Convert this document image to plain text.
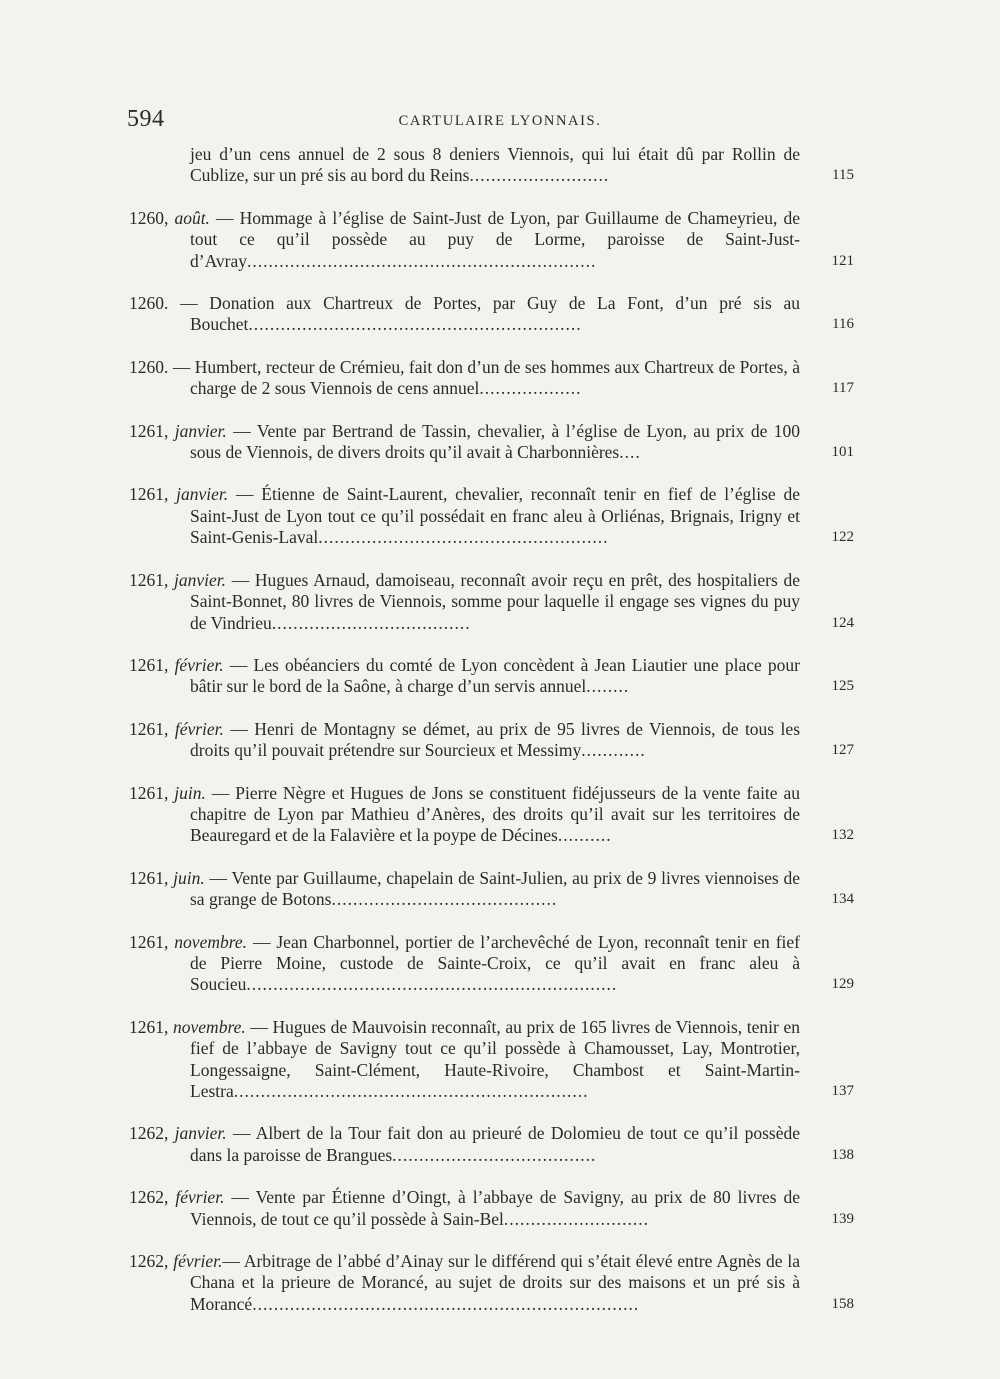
594	CARTULAIRE LYONNAIS.
jeu d’un cens annuel de 2 sous 8 deniers Viennois, qui lui était dû par Rollin de Cublize, sur un pré sis au bord du Reins..........................	115
1260, août. — Hommage à l’église de Saint-Just de Lyon, par Guillaume de Chameyrieu, de tout ce qu’il possède au puy de Lorme, paroisse de Saint-Just-d’Avray.................................................................	121
1260. — Donation aux Chartreux de Portes, par Guy de La Font, d’un pré sis au Bouchet..............................................................	116
1260. — Humbert, recteur de Crémieu, fait don d’un de ses hommes aux Chartreux de Portes, à charge de 2 sous Viennois de cens annuel...................	117
1261, janvier. — Vente par Bertrand de Tassin, chevalier, à l’église de Lyon, au prix de 100 sous de Viennois, de divers droits qu’il avait à Charbonnières....	101
1261, janvier. — Étienne de Saint-Laurent, chevalier, reconnaît tenir en fief de l’église de Saint-Just de Lyon tout ce qu’il possédait en franc aleu à Orliénas, Brignais, Irigny et Saint-Genis-Laval......................................................	122
1261, janvier. — Hugues Arnaud, damoiseau, reconnaît avoir reçu en prêt, des hospitaliers de Saint-Bonnet, 80 livres de Viennois, somme pour laquelle il engage ses vignes du puy de Vindrieu.....................................	124
1261, février. — Les obéanciers du comté de Lyon concèdent à Jean Liautier une place pour bâtir sur le bord de la Saône, à charge d’un servis annuel........	125
1261, février. — Henri de Montagny se démet, au prix de 95 livres de Viennois, de tous les droits qu’il pouvait prétendre sur Sourcieux et Messimy............	127
1261, juin. — Pierre Nègre et Hugues de Jons se constituent fidéjusseurs de la vente faite au chapitre de Lyon par Mathieu d’Anères, des droits qu’il avait sur les territoires de Beauregard et de la Falavière et la poype de Décines..........	132
1261, juin. — Vente par Guillaume, chapelain de Saint-Julien, au prix de 9 livres viennoises de sa grange de Botons..........................................	134
1261, novembre. — Jean Charbonnel, portier de l’archevêché de Lyon, reconnaît tenir en fief de Pierre Moine, custode de Sainte-Croix, ce qu’il avait en franc aleu à Soucieu.....................................................................	129
1261, novembre. — Hugues de Mauvoisin reconnaît, au prix de 165 livres de Viennois, tenir en fief de l’abbaye de Savigny tout ce qu’il possède à Chamousset, Lay, Montrotier, Longessaigne, Saint-Clément, Haute-Rivoire, Chambost et Saint-Martin-Lestra..................................................................	137
1262, janvier. — Albert de la Tour fait don au prieuré de Dolomieu de tout ce qu’il possède dans la paroisse de Brangues......................................	138
1262, février. — Vente par Étienne d’Oingt, à l’abbaye de Savigny, au prix de 80 livres de Viennois, de tout ce qu’il possède à Sain-Bel...........................	139
1262, février.— Arbitrage de l’abbé d’Ainay sur le différend qui s’était élevé entre Agnès de la Chana et la prieure de Morancé, au sujet de droits sur des maisons et un pré sis à Morancé........................................................................	158
